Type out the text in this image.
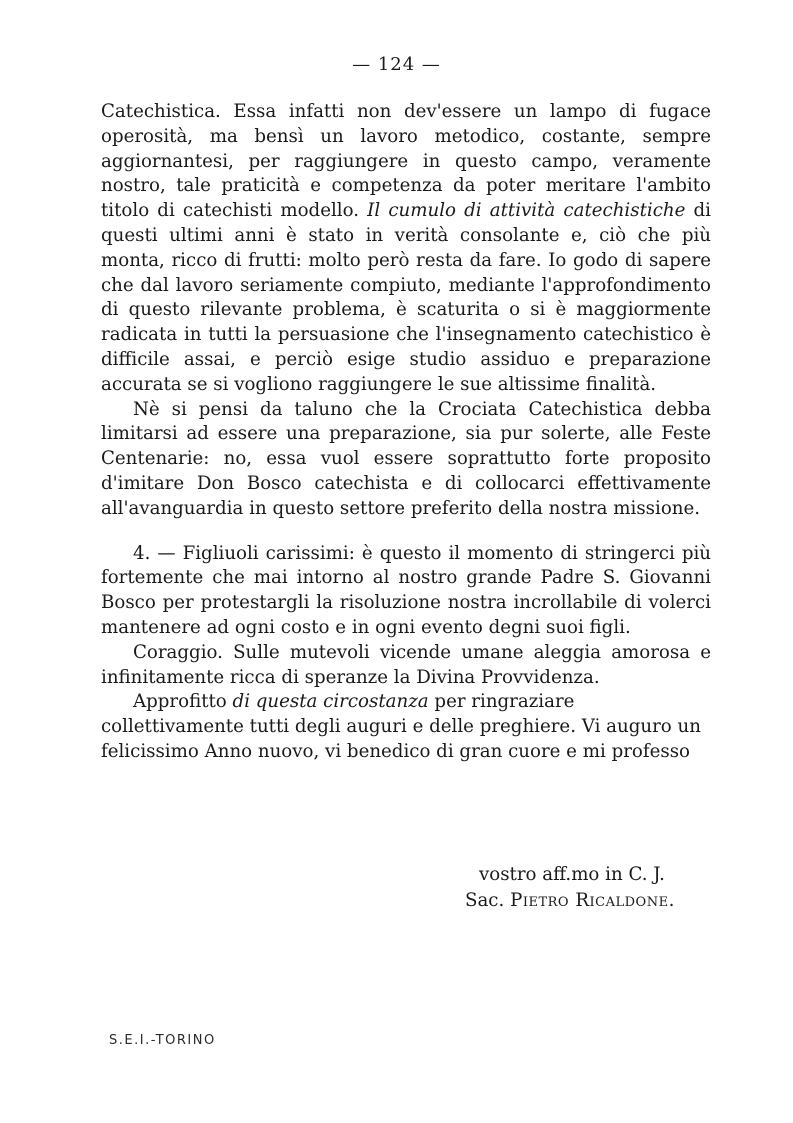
— 124 —

Catechistica. Essa infatti non dev'essere un lampo di fugace operosità, ma bensì un lavoro metodico, costante, sempre aggiornantesi, per raggiungere in questo campo, veramente nostro, tale praticità e competenza da poter meritare l'ambito titolo di catechisti modello. Il cumulo di attività catechistiche di questi ultimi anni è stato in verità consolante e, ciò che più monta, ricco di frutti: molto però resta da fare. Io godo di sapere che dal lavoro seriamente compiuto, mediante l'approfondimento di questo rilevante problema, è scaturita o si è maggiormente radicata in tutti la persuasione che l'insegnamento catechistico è difficile assai, e perciò esige studio assiduo e preparazione accurata se si vogliono raggiungere le sue altissime finalità.

Nè si pensi da taluno che la Crociata Catechistica debba limitarsi ad essere una preparazione, sia pur solerte, alle Feste Centenarie: no, essa vuol essere soprattutto forte proposito d'imitare Don Bosco catechista e di collocarci effettivamente all'avanguardia in questo settore preferito della nostra missione.

4. — Figliuoli carissimi: è questo il momento di stringerci più fortemente che mai intorno al nostro grande Padre S. Giovanni Bosco per protestargli la risoluzione nostra incrollabile di volerci mantenere ad ogni costo e in ogni evento degni suoi figli.

Coraggio. Sulle mutevoli vicende umane aleggia amorosa e infinitamente ricca di speranze la Divina Provvidenza.

Approfitto di questa circostanza per ringraziare collettivamente tutti degli auguri e delle preghiere. Vi auguro un felicissimo Anno nuovo, vi benedico di gran cuore e mi professo

vostro aff.mo in C. J.
Sac. Pietro Ricaldone.
S.E.I.-TORINO
